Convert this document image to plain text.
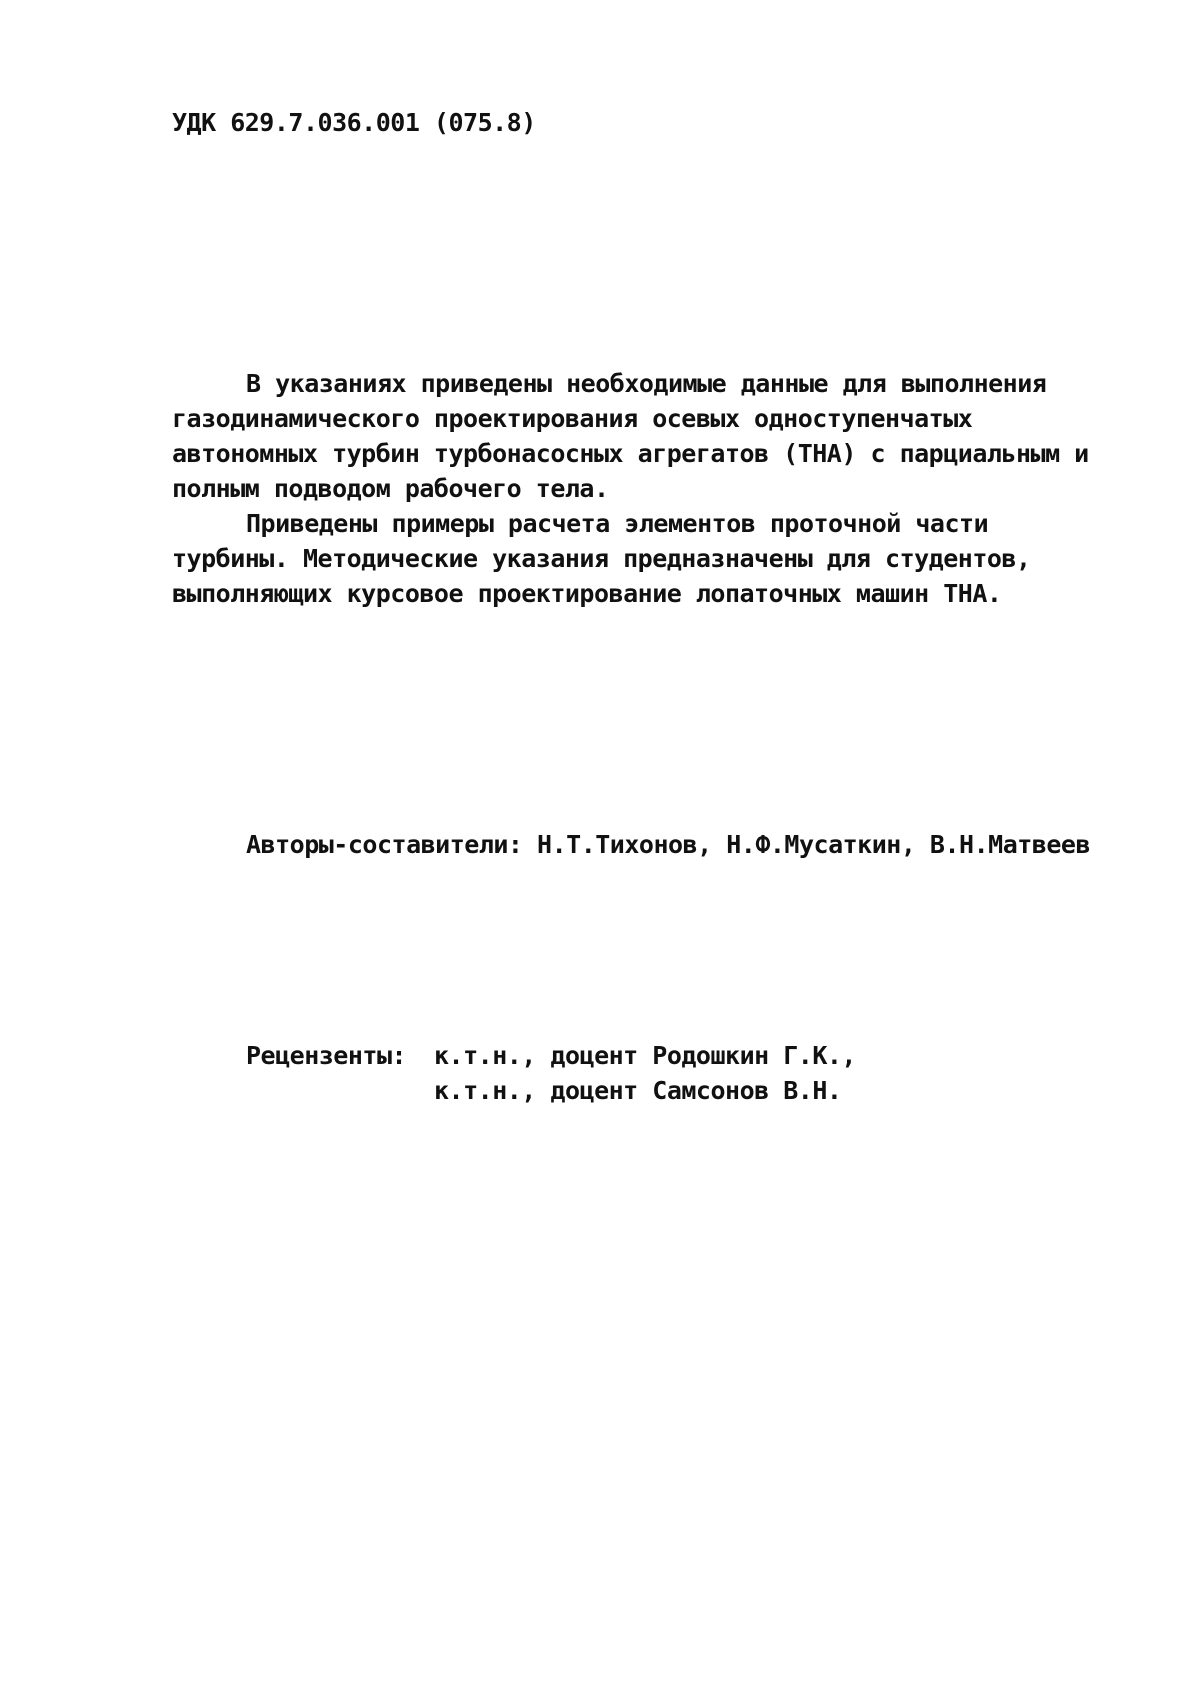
УДК 629.7.036.001 (075.8)

В указаниях приведены необходимые данные для выполнения газодинамического проектирования осевых одноступенчатых автономных турбин турбонасосных агрегатов (ТНА) с парциальным и полным подводом рабочего тела.

Приведены примеры расчета элементов проточной части турбины. Методические указания предназначены для студентов, выполняющих курсовое проектирование лопаточных машин ТНА.

Авторы-составители: Н.Т.Тихонов, Н.Ф.Мусаткин, В.Н.Матвеев
Рецензенты: к.т.н., доцент Родошкин Г.К.,
к.т.н., доцент Самсонов В.Н.
